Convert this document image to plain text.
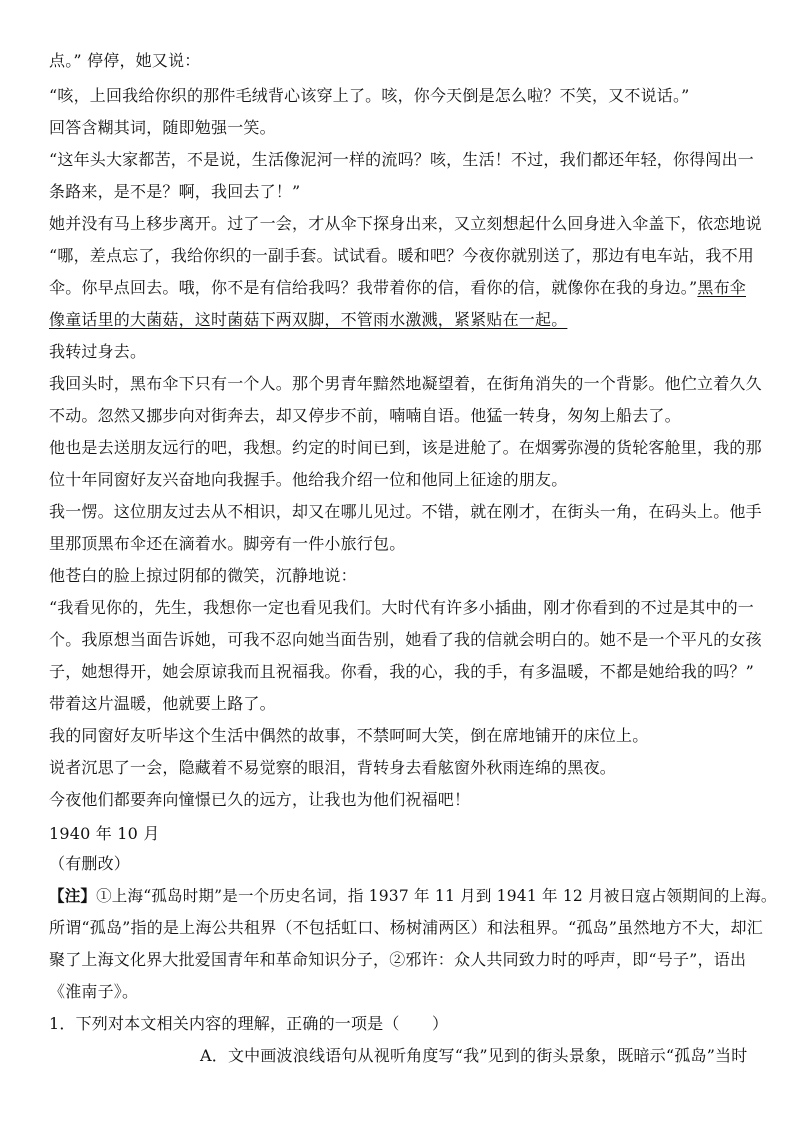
点。” 停停，她又说：
“咳，上回我给你织的那件毛绒背心该穿上了。咳，你今天倒是怎么啦？不笑，又不说话。”
回答含糊其词，随即勉强一笑。
“这年头大家都苦，不是说，生活像泥河一样的流吗？咳，生活！不过，我们都还年轻，你得闯出一
条路来，是不是？啊，我回去了！”
她并没有马上移步离开。过了一会，才从伞下探身出来，又立刻想起什么回身进入伞盖下，依恋地说
“哪，差点忘了，我给你织的一副手套。试试看。暖和吧？今夜你就别送了，那边有电车站，我不用
伞。你早点回去。哦，你不是有信给我吗？我带着你的信，看你的信，就像你在我的身边。”黑布伞
像童话里的大菌菇，这时菌菇下两双脚，不管雨水激溅，紧紧贴在一起。
我转过身去。
我回头时，黑布伞下只有一个人。那个男青年黯然地凝望着，在街角消失的一个背影。他伫立着久久
不动。忽然又挪步向对街奔去，却又停步不前，喃喃自语。他猛一转身，匆匆上船去了。
他也是去送朋友远行的吧，我想。约定的时间已到，该是进舱了。在烟雾弥漫的货轮客舱里，我的那
位十年同窗好友兴奋地向我握手。他给我介绍一位和他同上征途的朋友。
我一愣。这位朋友过去从不相识，却又在哪儿见过。不错，就在刚才，在街头一角，在码头上。他手
里那顶黑布伞还在滴着水。脚旁有一件小旅行包。
他苍白的脸上掠过阴郁的微笑，沉静地说：
“我看见你的，先生，我想你一定也看见我们。大时代有许多小插曲，刚才你看到的不过是其中的一
个。我原想当面告诉她，可我不忍向她当面告别，她看了我的信就会明白的。她不是一个平凡的女孩
子，她想得开，她会原谅我而且祝福我。你看，我的心，我的手，有多温暖，不都是她给我的吗？”
带着这片温暖，他就要上路了。
我的同窗好友听毕这个生活中偶然的故事，不禁呵呵大笑，倒在席地铺开的床位上。
说者沉思了一会，隐藏着不易觉察的眼泪，背转身去看舷窗外秋雨连绵的黑夜。
今夜他们都要奔向憧憬已久的远方，让我也为他们祝福吧！
1940 年 10 月
（有删改）
【注】①上海“孤岛时期”是一个历史名词，指 1937 年 11 月到 1941 年 12 月被日寇占领期间的上海。
所谓“孤岛”指的是上海公共租界（不包括虹口、杨树浦两区）和法租界。“孤岛”虽然地方不大，却汇
聚了上海文化界大批爱国青年和革命知识分子，②邪许：众人共同致力时的呼声，即“号子”，语出
《淮南子》。
1．下列对本文相关内容的理解，正确的一项是（　　）
A．文中画波浪线语句从视听角度写“我”见到的街头景象，既暗示“孤岛”当时
